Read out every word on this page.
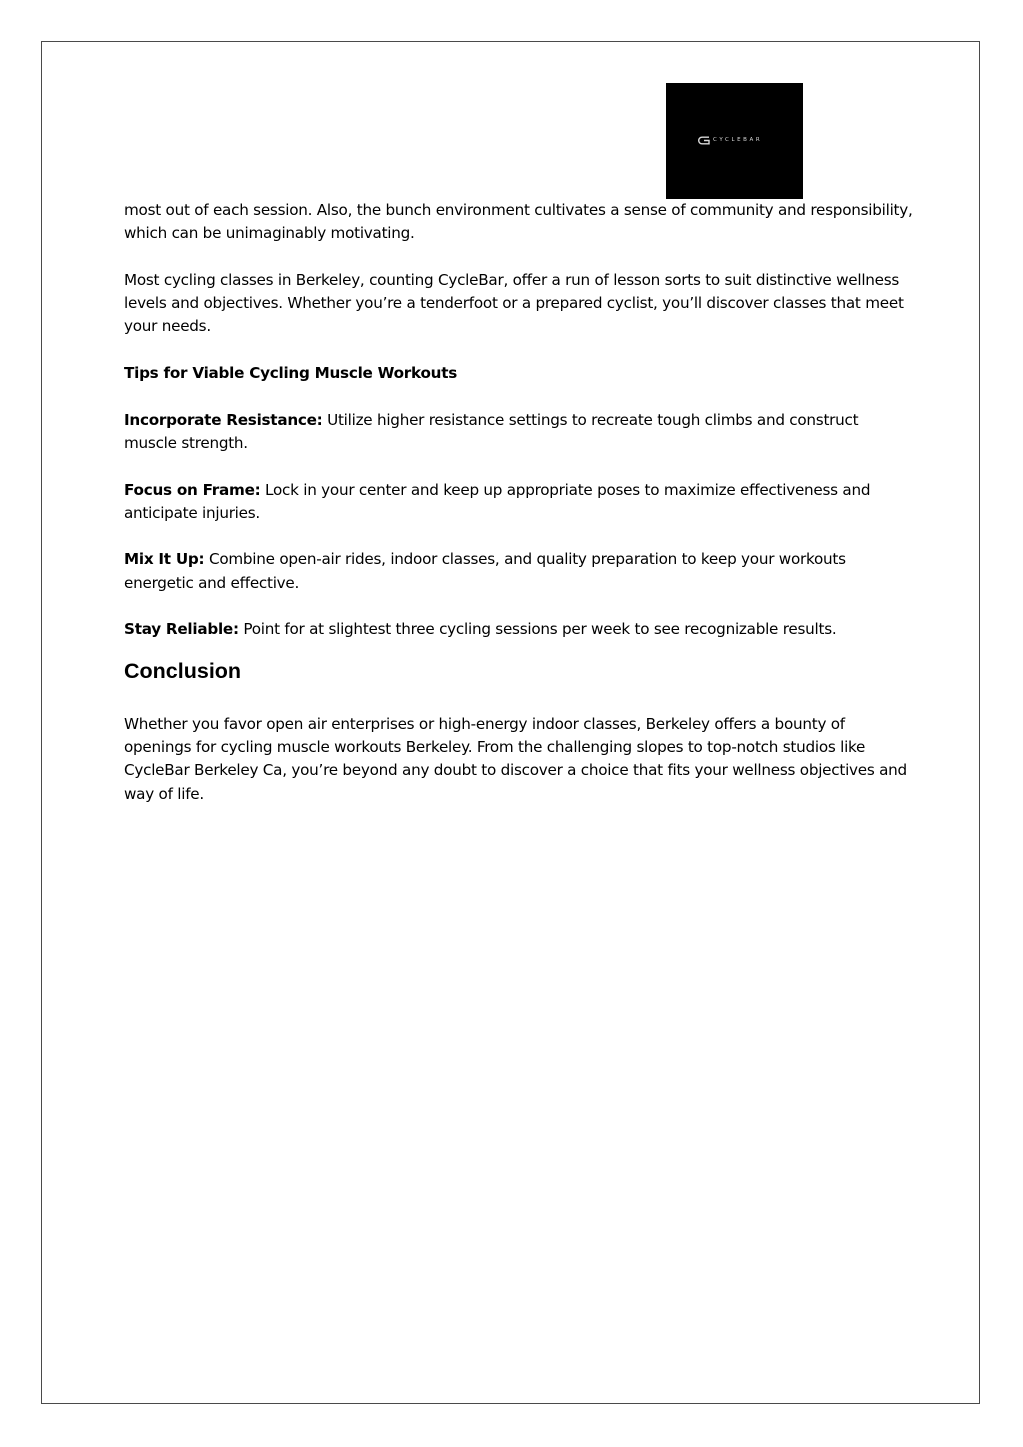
CYCLEBAR

most out of each session. Also, the bunch environment cultivates a sense of community and responsibility, which can be unimaginably motivating.

Most cycling classes in Berkeley, counting CycleBar, offer a run of lesson sorts to suit distinctive wellness levels and objectives. Whether you’re a tenderfoot or a prepared cyclist, you’ll discover classes that meet your needs.

Tips for Viable Cycling Muscle Workouts

Incorporate Resistance: Utilize higher resistance settings to recreate tough climbs and construct muscle strength.

Focus on Frame: Lock in your center and keep up appropriate poses to maximize effectiveness and anticipate injuries.

Mix It Up: Combine open-air rides, indoor classes, and quality preparation to keep your workouts energetic and effective.

Stay Reliable: Point for at slightest three cycling sessions per week to see recognizable results.

Conclusion

Whether you favor open air enterprises or high-energy indoor classes, Berkeley offers a bounty of openings for cycling muscle workouts Berkeley. From the challenging slopes to top-notch studios like CycleBar Berkeley Ca, you’re beyond any doubt to discover a choice that fits your wellness objectives and way of life.
